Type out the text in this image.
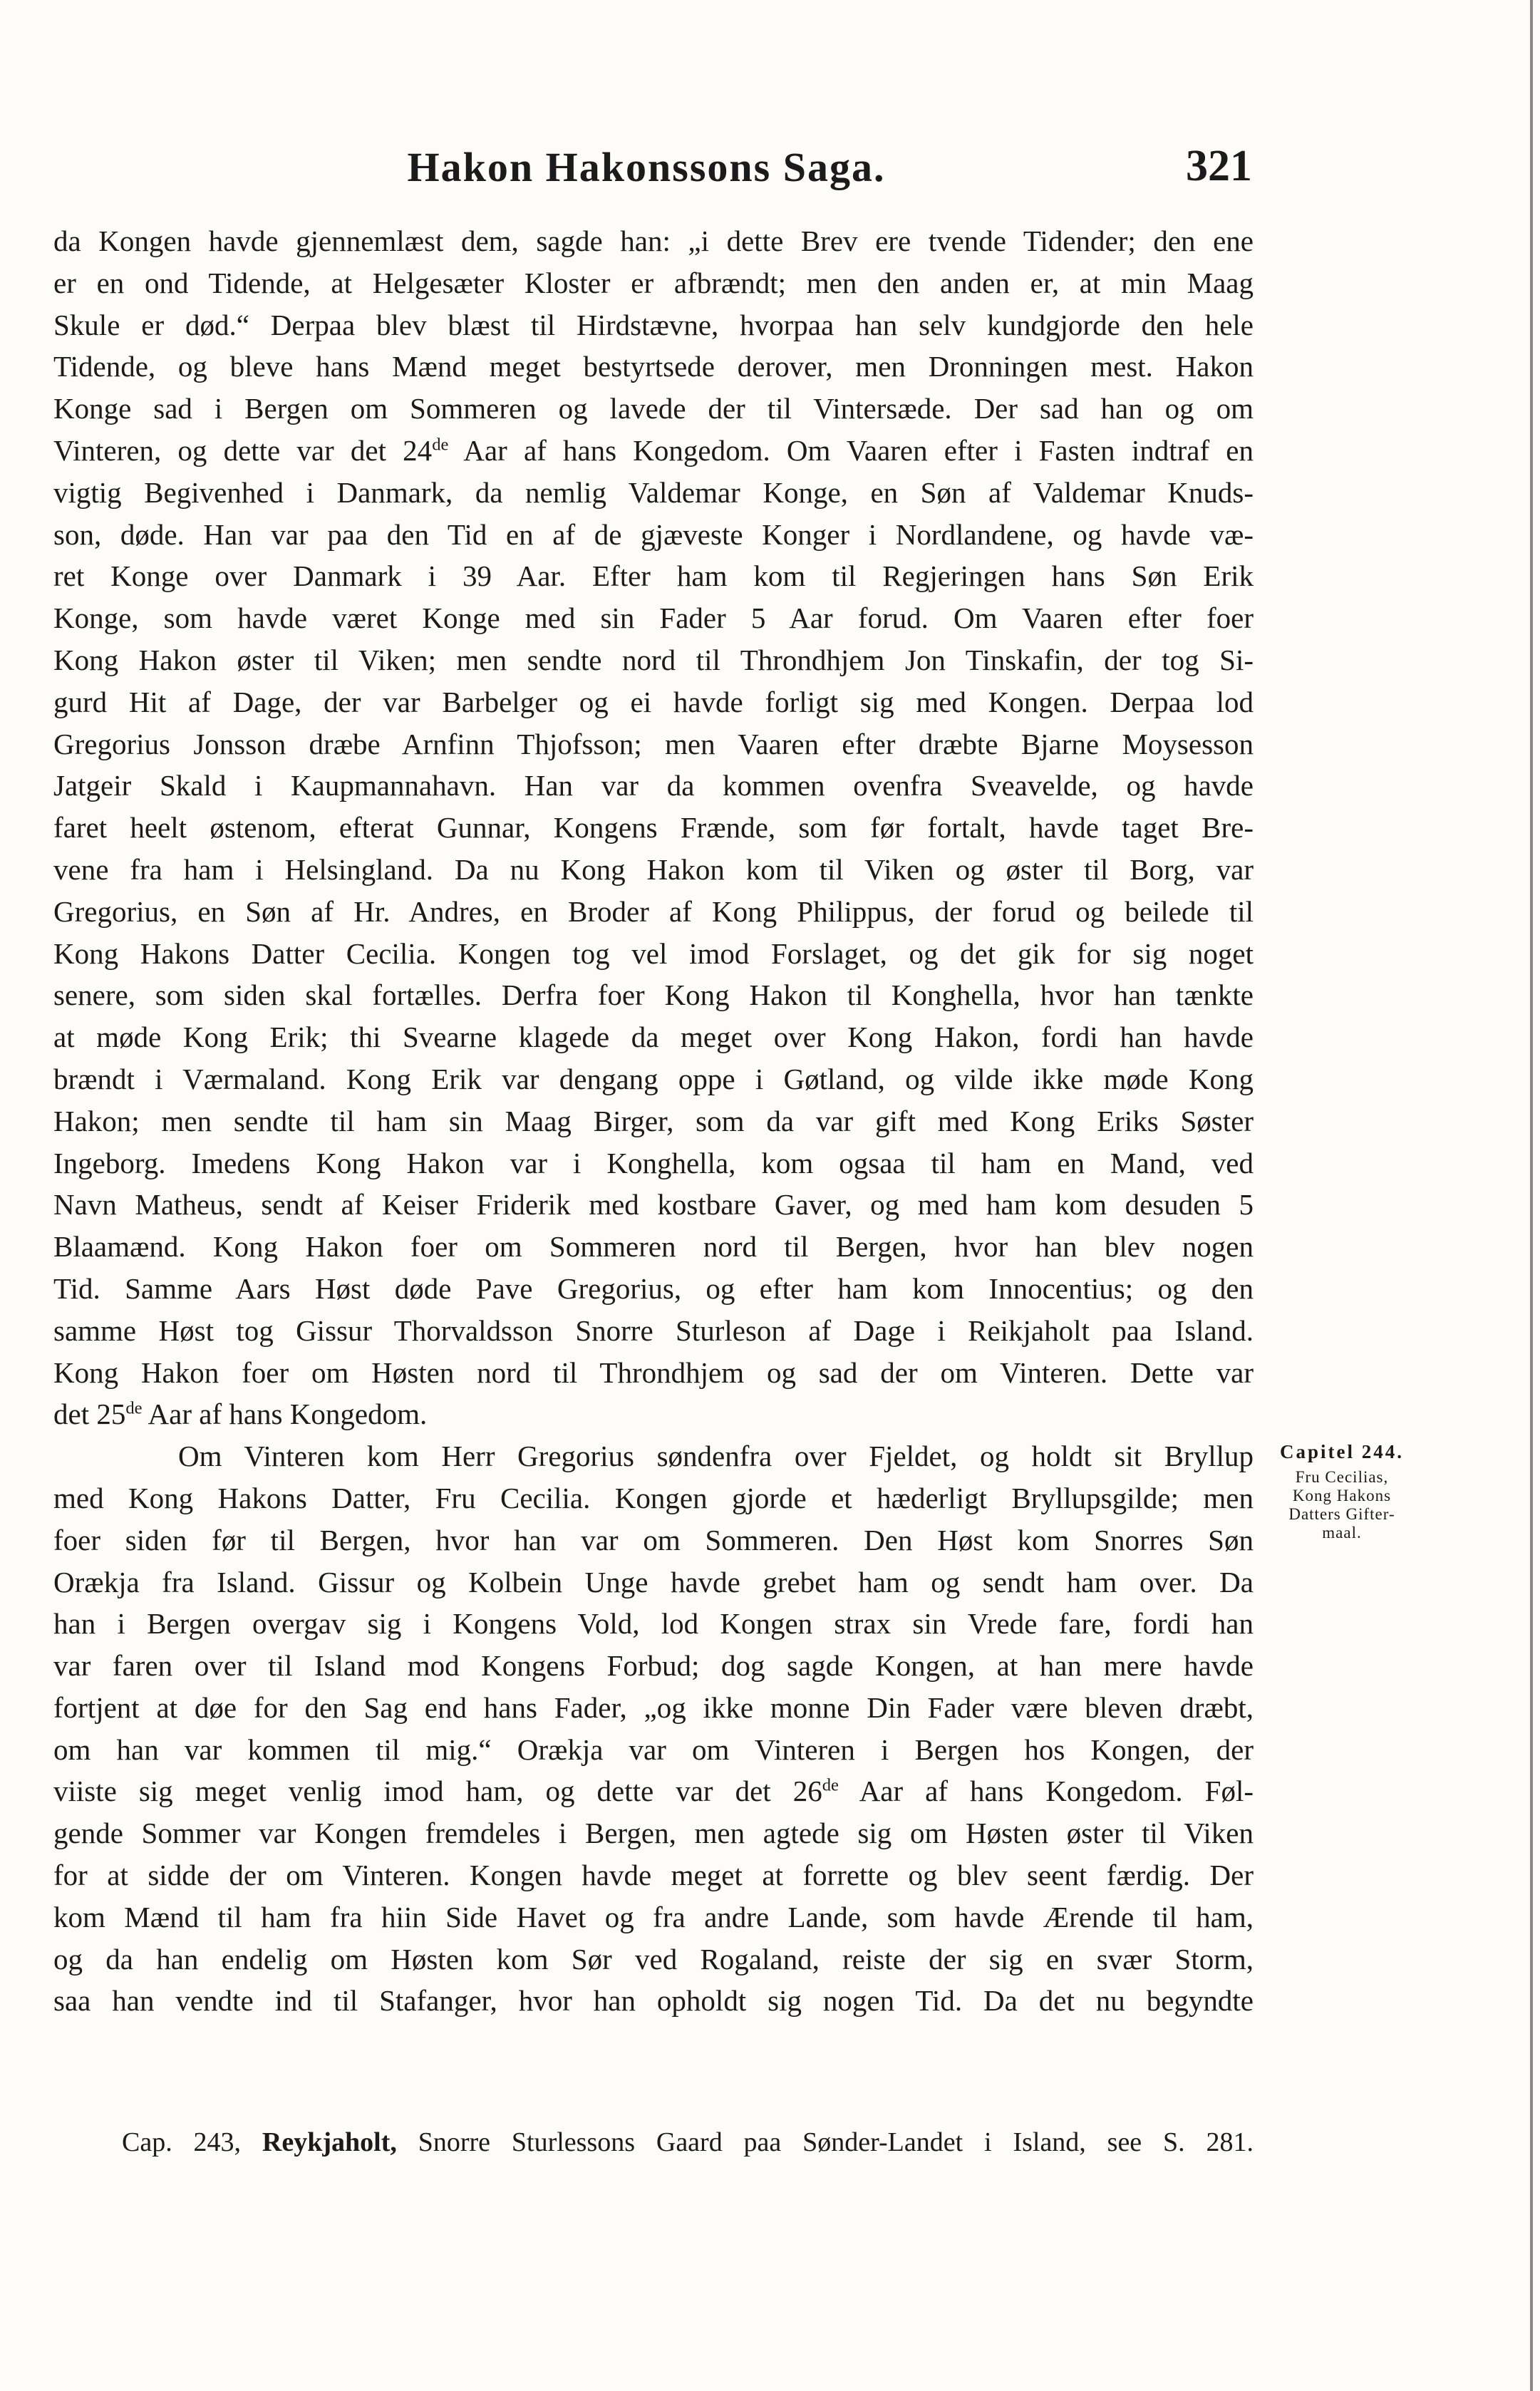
Hakon Hakonssons Saga.	321
da Kongen havde gjennemlæst dem, sagde han: „i dette Brev ere tvende Tidender; den ene
er en ond Tidende, at Helgesæter Kloster er afbrændt; men den anden er, at min Maag
Skule er død.“ Derpaa blev blæst til Hirdstævne, hvorpaa han selv kundgjorde den hele
Tidende, og bleve hans Mænd meget bestyrtsede derover, men Dronningen mest. Hakon
Konge sad i Bergen om Sommeren og lavede der til Vintersæde. Der sad han og om
Vinteren, og dette var det 24de Aar af hans Kongedom. Om Vaaren efter i Fasten indtraf en
vigtig Begivenhed i Danmark, da nemlig Valdemar Konge, en Søn af Valdemar Knuds-
son, døde. Han var paa den Tid en af de gjæveste Konger i Nordlandene, og havde væ-
ret Konge over Danmark i 39 Aar. Efter ham kom til Regjeringen hans Søn Erik
Konge, som havde været Konge med sin Fader 5 Aar forud. Om Vaaren efter foer
Kong Hakon øster til Viken; men sendte nord til Throndhjem Jon Tinskafin, der tog Si-
gurd Hit af Dage, der var Barbelger og ei havde forligt sig med Kongen. Derpaa lod
Gregorius Jonsson dræbe Arnfinn Thjofsson; men Vaaren efter dræbte Bjarne Moysesson
Jatgeir Skald i Kaupmannahavn. Han var da kommen ovenfra Sveavelde, og havde
faret heelt østenom, efterat Gunnar, Kongens Frænde, som før fortalt, havde taget Bre-
vene fra ham i Helsingland. Da nu Kong Hakon kom til Viken og øster til Borg, var
Gregorius, en Søn af Hr. Andres, en Broder af Kong Philippus, der forud og beilede til
Kong Hakons Datter Cecilia. Kongen tog vel imod Forslaget, og det gik for sig noget
senere, som siden skal fortælles. Derfra foer Kong Hakon til Konghella, hvor han tænkte
at møde Kong Erik; thi Svearne klagede da meget over Kong Hakon, fordi han havde
brændt i Værmaland. Kong Erik var dengang oppe i Gøtland, og vilde ikke møde Kong
Hakon; men sendte til ham sin Maag Birger, som da var gift med Kong Eriks Søster
Ingeborg. Imedens Kong Hakon var i Konghella, kom ogsaa til ham en Mand, ved
Navn Matheus, sendt af Keiser Friderik med kostbare Gaver, og med ham kom desuden 5
Blaamænd. Kong Hakon foer om Sommeren nord til Bergen, hvor han blev nogen
Tid. Samme Aars Høst døde Pave Gregorius, og efter ham kom Innocentius; og den
samme Høst tog Gissur Thorvaldsson Snorre Sturleson af Dage i Reikjaholt paa Island.
Kong Hakon foer om Høsten nord til Throndhjem og sad der om Vinteren. Dette var
det 25de Aar af hans Kongedom.
Om Vinteren kom Herr Gregorius søndenfra over Fjeldet, og holdt sit Bryllup
med Kong Hakons Datter, Fru Cecilia. Kongen gjorde et hæderligt Bryllupsgilde; men
foer siden før til Bergen, hvor han var om Sommeren. Den Høst kom Snorres Søn
Orækja fra Island. Gissur og Kolbein Unge havde grebet ham og sendt ham over. Da
han i Bergen overgav sig i Kongens Vold, lod Kongen strax sin Vrede fare, fordi han
var faren over til Island mod Kongens Forbud; dog sagde Kongen, at han mere havde
fortjent at døe for den Sag end hans Fader, „og ikke monne Din Fader være bleven dræbt,
om han var kommen til mig.“ Orækja var om Vinteren i Bergen hos Kongen, der
viiste sig meget venlig imod ham, og dette var det 26de Aar af hans Kongedom. Føl-
gende Sommer var Kongen fremdeles i Bergen, men agtede sig om Høsten øster til Viken
for at sidde der om Vinteren. Kongen havde meget at forrette og blev seent færdig. Der
kom Mænd til ham fra hiin Side Havet og fra andre Lande, som havde Ærende til ham,
og da han endelig om Høsten kom Sør ved Rogaland, reiste der sig en svær Storm,
saa han vendte ind til Stafanger, hvor han opholdt sig nogen Tid. Da det nu begyndte
Capitel 244.
Fru Cecilias,
Kong Hakons
Datters Gifter-
maal.
Cap. 243, Reykjaholt, Snorre Sturlessons Gaard paa Sønder-Landet i Island, see S. 281.
